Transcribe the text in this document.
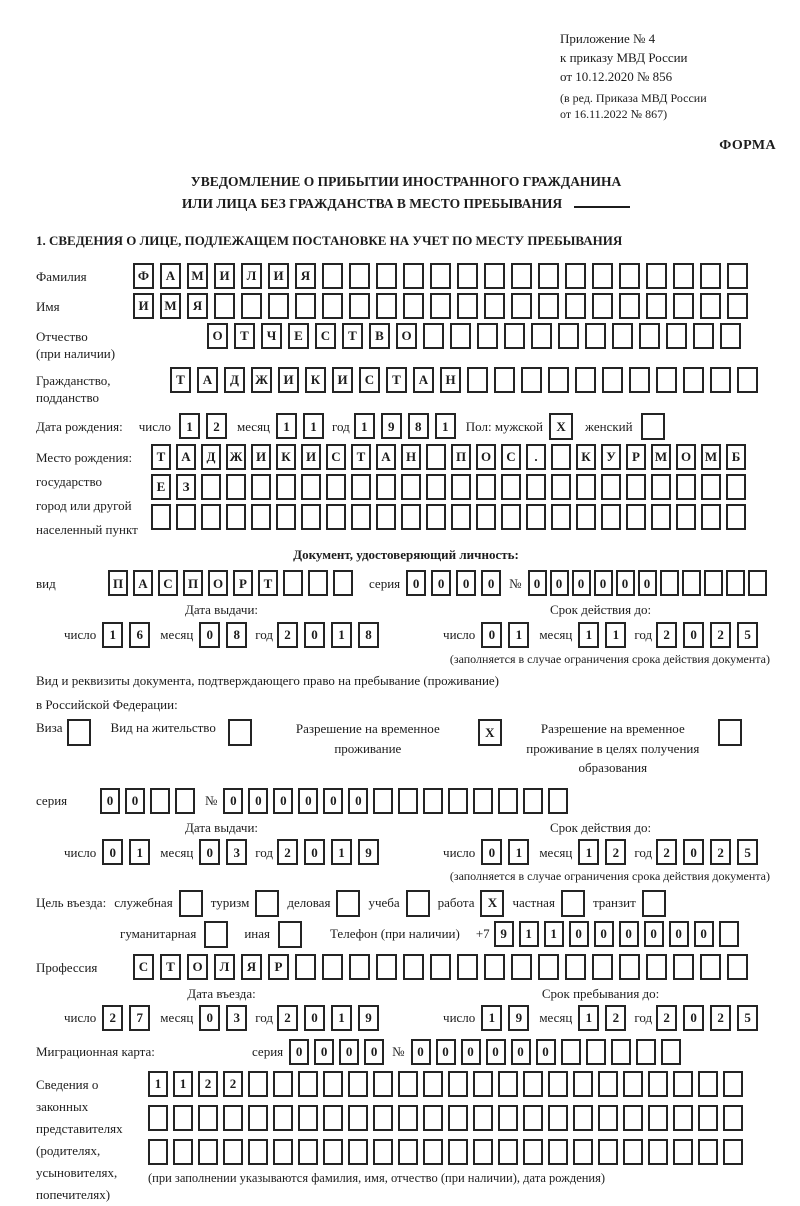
Приложение № 4
к приказу МВД России
от 10.12.2020 № 856
(в ред. Приказа МВД России
от 16.11.2022 № 867)
ФОРМА
УВЕДОМЛЕНИЕ О ПРИБЫТИИ ИНОСТРАННОГО ГРАЖДАНИНА
ИЛИ ЛИЦА БЕЗ ГРАЖДАНСТВА В МЕСТО ПРЕБЫВАНИЯ
1. СВЕДЕНИЯ О ЛИЦЕ, ПОДЛЕЖАЩЕМ ПОСТАНОВКЕ НА УЧЕТ ПО МЕСТУ ПРЕБЫВАНИЯ
Фамилия	Ф	А	М	И	Л	И	Я
Имя	И	М	Я
Отчество
(при наличии)
О	Т	Ч	Е	С	Т	В	О
Гражданство,
подданство
Т	А	Д	Ж	И	К	И	С	Т	А	Н
Дата рождения: число	1	2	месяц	1	1	год 1	9	8	1	Пол: мужской	X	женский
Место рождения:
государство
город или другой
населенный пункт
Т	А	Д	Ж	И	К	И	С	Т	А	Н	П	О	С	.	К	У	Р	М	О	М	Б
Е	З
Документ, удостоверяющий личность:
вид	П	А	С	П	О	Р	Т	серия 0	0	0	0	№ 0	0	0	0	0	0
Дата выдачи:
число	1	6	месяц	0	8	год 2	0	1	8
Срок действия до:
число	0	1	месяц	1	1	год 2	0	2	5
(заполняется в случае ограничения срока действия документа)
Вид и реквизиты документа, подтверждающего право на пребывание (проживание)
в Российской Федерации:
Виза	Вид на жительство	Разрешение на временное проживание
X	Разрешение на временное проживание в целях получения образования
серия	0	0	№ 0	0	0	0	0	0
Дата выдачи:
число	0	1	месяц	0	3	год 2	0	1	9
Срок действия до:
число	0	1	месяц	1	2	год 2	0	2	5
(заполняется в случае ограничения срока действия документа)
Цель въезда: служебная	туризм	деловая	учеба	работа	X	частная	транзит
гуманитарная	иная	Телефон (при наличии) +7 9	1	1	0	0	0	0	0	0
Профессия	С	Т	О	Л	Я	Р
Дата въезда:
число	2	7	месяц	0	3	год 2	0	1	9
Срок пребывания до:
число	1	9	месяц	1	2	год 2	0	2	5
Миграционная карта:	серия 0	0	0	0	№ 0	0	0	0	0	0
Сведения о
законных
представителях
(родителях,
усыновителях,
попечителях)
1	1	2	2
(при заполнении указываются фамилия, имя, отчество (при наличии), дата рождения)
